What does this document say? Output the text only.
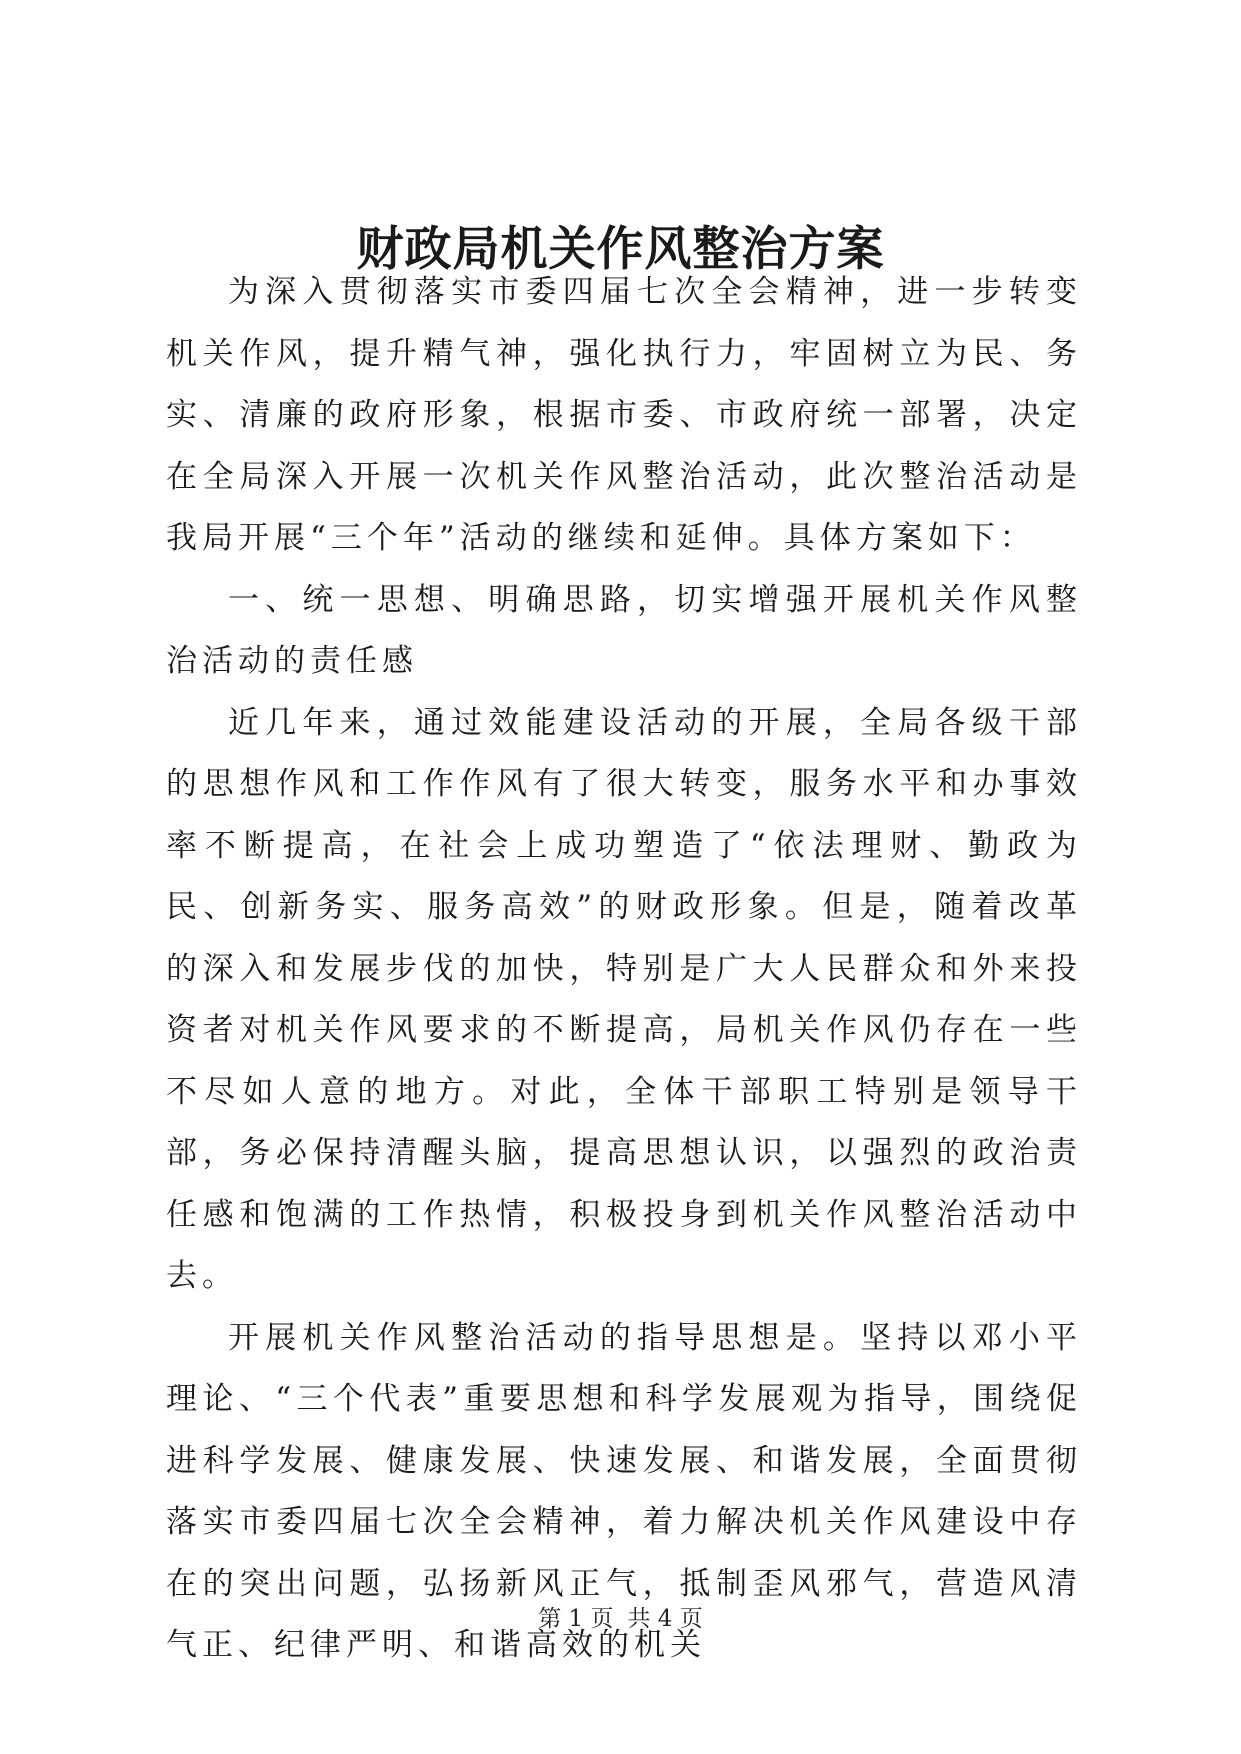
财政局机关作风整治方案

为深入贯彻落实市委四届七次全会精神，进一步转变机关作风，提升精气神，强化执行力，牢固树立为民、务实、清廉的政府形象，根据市委、市政府统一部署，决定在全局深入开展一次机关作风整治活动，此次整治活动是我局开展“三个年”活动的继续和延伸。具体方案如下：

一、统一思想、明确思路，切实增强开展机关作风整治活动的责任感

近几年来，通过效能建设活动的开展，全局各级干部的思想作风和工作作风有了很大转变，服务水平和办事效率不断提高，在社会上成功塑造了“依法理财、勤政为民、创新务实、服务高效”的财政形象。但是，随着改革的深入和发展步伐的加快，特别是广大人民群众和外来投资者对机关作风要求的不断提高，局机关作风仍存在一些不尽如人意的地方。对此，全体干部职工特别是领导干部，务必保持清醒头脑，提高思想认识，以强烈的政治责任感和饱满的工作热情，积极投身到机关作风整治活动中去。

开展机关作风整治活动的指导思想是。坚持以邓小平理论、“三个代表”重要思想和科学发展观为指导，围绕促进科学发展、健康发展、快速发展、和谐发展，全面贯彻落实市委四届七次全会精神，着力解决机关作风建设中存在的突出问题，弘扬新风正气，抵制歪风邪气，营造风清气正、纪律严明、和谐高效的机关

第 1 页 共 4 页
